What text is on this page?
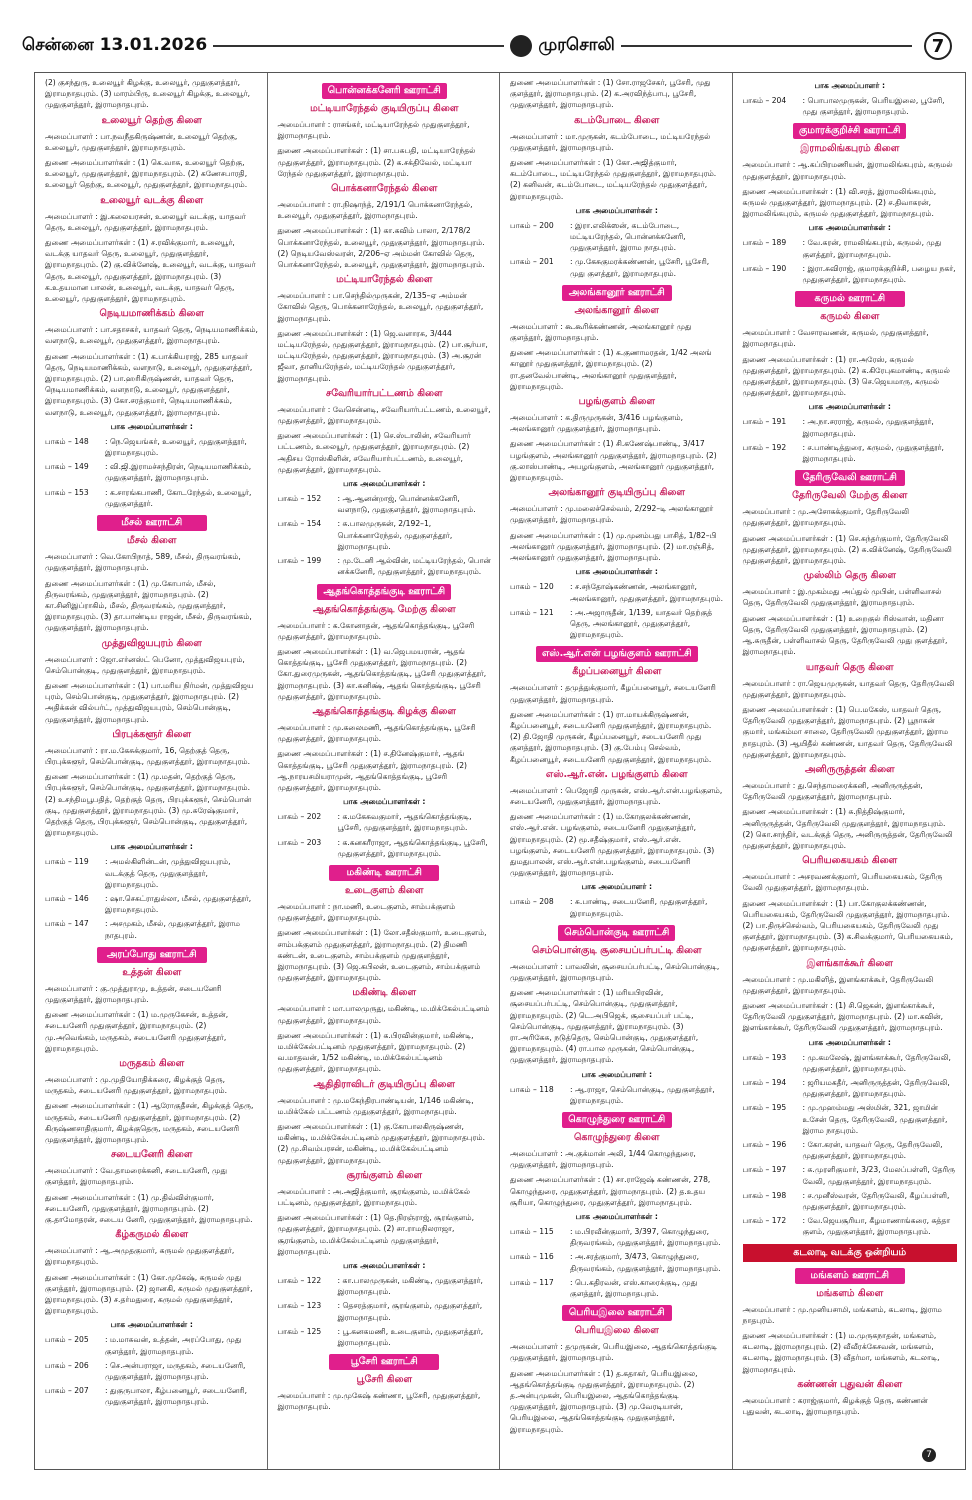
சென்னை 13.01.2026	முரசொலி	7
(2) குசந்துரு, உலையூர் கிழக்கு, உலையூர், முதுகுளத்தூர், இராமநாதபுரம். (3) மாரம்பிரு, உலையூர் கிழக்கு, உலையூர், முதுகுளத்தூர், இராமநாதபுரம்.
உலையூர் தெற்கு கிளை
அமைப்பாளர் : பா.நவநீதகிருஷ்ணன், உலையூர் தெற்கு, உலையூர், முதுகுளத்தூர், இராமநாதபுரம்.
துணை அமைப்பாளர்கள் : (1) கெ.வாசு, உலையூர் தெற்கு, உலையூர், முதுகுளத்தூர், இராமநாதபுரம். (2) கணேசபாரதி, உலையூர் தெற்கு, உலையூர், முதுகுளத்தூர், இராமநாதபுரம்.
உலையூர் வடக்கு கிளை
அமைப்பாளர் : இ.கலையரசன், உலையூர் வடக்கு, யாதவர் தெரு, உலையூர், முதுகுளத்தூர், இராமநாதபுரம்.
துணை அமைப்பாளர்கள் : (1) ச.ரவிக்குமார், உலையூர், வடக்கு யாதவர் தெரு, உலையூர், முதுகுளத்தூர், இராமநாதபுரம். (2) கு.விக்னேஷ், உலையூர், வடக்கு, யாதவர் தெரு, உலையூர், முதுகுளத்தூர், இராமநாதபுரம். (3) க.உதயமான பாலன், உலையூர், வடக்கு, யாதவர் தெரு, உலையூர், முதுகுளத்தூர், இராமநாதபுரம்.
நெடியமாணிக்கம் கிளை
அமைப்பாளர் : பா.சதாசகர், யாதவர் தெரு, நெடியமாணிக்கம், வளநாடு, உலையூர், முதுகுளத்தூர், இராமநாதபுரம்.
துணை அமைப்பாளர்கள் : (1) க.பாக்கியராஜ், 285 யாதவர் தெரு, நெடியமாணிக்கம், வளநாடு, உலையூர், முதுகுளத்தூர், இராமநாதபுரம். (2) பா.ஹரிகிருஷ்ணன், யாதவர் தெரு, நெடியமாணிக்கம், வளநாடு, உலையூர், முதுகுளத்தூர், இராமநாதபுரம். (3) கோ.சரத்குமார், நெடியமாணிக்கம், வளநாடு, உலையூர், முதுகுளத்தூர், இராமநாதபுரம்.
பாக அமைப்பாளர்கள் :
பாகம் – 148	: நெ.ஜெயங்கர், உலையூர், முதுகுளத்தூர், இராமநாதபுரம்.
பாகம் – 149	: வி.ஜி.இராமச்சந்திரன், நெடியமாணிக்கம், முதுகுளத்தூர், இராமநாதபுரம்.
பாகம் – 153	: க.சாரங்கபாணி, கோடரேந்தல், உலையூர், முதுகுளத்தூர்.
மீசல் ஊராட்சி
மீசல் கிளை
அமைப்பாளர் : வெ.கோபிநாத், 589, மீசல், திருவரங்கம், முதுகுளத்தூர், இராமநாதபுரம்.
துணை அமைப்பாளர்கள் : (1) மு.கோபால், மீசல், திருவரங்கம், முதுகுளத்தூர், இராமநாதபுரம். (2) கா.சினிஇப்ராகிம், மீசல், திருவரங்கம், முதுகுளத்தூர், இராமநாதபுரம். (3) தா.பாண்டிய ராஜன், மீசல், திருவரங்கம், முதுகுளத்தூர், இராமநாதபுரம்.
முத்துவிஜயபுரம் கிளை
அமைப்பாளர் : ஜோ.எர்னஸ்ட் பெனோ, முத்துவிஜயபுரம், செம்பொன்குடி, முதுகுளத்தூர், இராமநாதபுரம்.
துணை அமைப்பாளர்கள் : (1) பா.மரிய நிர்மன், முத்துவிஜய புரம், செம்பொன்குடி, முதுகுளத்தூர், இராமநாதபுரம். (2) அதிக்கன் வில்பர்ட், முத்துவிஜயபுரம், செம்பொன்குடி, முதுகுளத்தூர், இராமநாதபுரம்.
பிரபுக்களூர் கிளை
அமைப்பாளர் : ரா.ம.கேசுக்குமார், 16, தெற்குத் தெரு, பிரபுக்களூர், செம்பொன்குடி, முதுகுளத்தூர், இராமநாதபுரம்.
துணை அமைப்பாளர்கள் : (1) மு.மதன், தெற்குத் தெரு, பிரபுக்களூர், செம்பொன்குடி, முதுகுளத்தூர், இராமநாதபுரம். (2) உசந்திமபூபதித், தெற்குத் தெரு, பிரபுக்களூர், செம்பொன் குடி, முதுகுளத்தூர், இராமநாதபுரம். (3) மு.சுரேஷ்குமார், தெற்குத் தெரு, பிரபுக்களூர், செம்பொன்குடி, முதுகுளத்தூர், இராமநாதபுரம்.
பாக அமைப்பாளர்கள் :
பாகம் – 119	: அமல்கிளின்டன், முத்துவிஜயபுரம், வடக்குத் தெரு, முதுகுளத்தூர், இராமநாதபுரம்.
பாகம் – 146	: ஷா.செசுட்ராதுல்லா, மீசல், முதுகுளத்தூர், இராமநாதபுரம்.
பாகம் – 147	: அசமுகம், மீசல், முதுகுளத்தூர், இராம நாதபுரம்.
அரப்போது ஊராட்சி
உத்தன் கிளை
அமைப்பாளர் : கு.முத்துராமு, உத்தன், சடையனேரி முதுகுளத்தூர், இராமநாதபுரம்.
துணை அமைப்பாளர்கள் : (1) ம.முருகேசன், உத்தன், சடையனேரி முதுகுளத்தூர், இராமநாதபுரம். (2) மு.அவெங்கம், மருதகம், சடையனேரி முதுகுளத்தூர், இராமநாதபுரம்.
மருதகம் கிளை
அமைப்பாளர் : மு.முதியோதிக்கரை, கிழக்குத் தெரு, மருதகம், சடையனேரி முதுகுளத்தூர், இராமநாதபுரம்.
துணை அமைப்பாளர்கள் : (1) ஆரோகுதீசன், கிழக்குத் தெரு, மருதகம், சடையனேரி முதுகுளத்தூர், இராமநாதபுரம். (2) கிருஷ்ணசாதிகுமார், கிழக்குதெரு, மருதகம், சடையனேரி முதுகுளத்தூர், இராமநாதபுரம்.
சடையனேரி கிளை
அமைப்பாளர் : வே.தாமரைக்கனி, சடையனேரி, முது குளத்தூர், இராமநாதபுரம்.
துணை அமைப்பாளர்கள் : (1) மு.திவ்விள்குமார், சடையனேரி, முதுகுளத்தூர், இராமநாதபுரம். (2) கு.தாமோதரன், சடைய னேரி, முதுகுளத்தூர், இராமநாதபுரம்.
கீழ்கருமல் கிளை
அமைப்பாளர் : ஆ.அமுதகுமார், கருமல் முதுகுளத்தூர், இராமநாதபுரம்.
துணை அமைப்பாளர்கள் : (1) கோ.முகேஷ், கருமல் முது குளத்தூர், இராமநாதபுரம். (2) ஜானகி, கருமல் முதுகுளத்தூர், இராமநாதபுரம். (3) ச.தர்மதுரை, கருமல் முதுகுளத்தூர், இராமநாதபுரம்.
பாக அமைப்பாளர்கள் :
பாகம் – 205	: ம.மாசுவன், உத்தன், அரப்போது, முது குளத்தூர், இராமநாதபுரம்.
பாகம் – 206	: செ.அன்பராஜா, மருதகம், சடையனேரி, முதுகுளத்தூர், இராமநாதபுரம்.
பாகம் – 207	: துகுருபாலா, கீழ்பனையூர், சடையனேரி, முதுகுளத்தூர், இராமநாதபுரம்.
பொன்னக்கனேரி ஊராட்சி
மட்டியாரேந்தல் குடியிருப்பு கிளை
அமைப்பாளர் : ராசங்கர், மட்டியாரேந்தல் முதுகுளத்தூர், இராமநாதபுரம்.
துணை அமைப்பாளர்கள் : (1) சா.பசுபதி, மட்டியாரேந்தல் முதுகுளத்தூர், இராமநாதபுரம். (2) க.சக்திவேல், மட்டியா ரேந்தல் முதுகுளத்தூர், இராமநாதபுரம்.
பொக்கனாரேந்தல் கிளை
அமைப்பாளர் : ரா.நிஷாந்த், 2/191/1 பொக்கனாரேந்தல், உலையூர், முதுகுளத்தூர், இராமநாதபுரம்.
துணை அமைப்பாளர்கள் : (1) கா.கவிம் பாலா, 2/178/2 பொக்கனாரேந்தல், உலையூர், முதுகுளத்தூர், இராமநாதபுரம். (2) நெடியவேஸ்வரன், 2/206–ஏ அம்மன் கோவில் தெரு, பொக்கனாரேந்தல், உலையூர், முதுகுளத்தூர், இராமநாதபுரம்.
மட்டியாரேந்தல் கிளை
அமைப்பாளர் : பா.செந்தில்முருகன், 2/135–ஏ அம்மன் கோவில் தெரு, பொக்கனாரேந்தல், உலையூர், முதுகுளத்தூர், இராமநாதபுரம்.
துணை அமைப்பாளர்கள் : (1) ஜெ.வளாரசு, 3/444 மட்டியரேந்தல், முதுகுளத்தூர், இராமநாதபுரம். (2) பா.சூர்யா, மட்டியரேந்தல், முதுகுளத்தூர், இராமநாதபுரம். (3) அ.சூரன் ஜீவா, தானியரேந்தல், மட்டியரேந்தல் முதுகுளத்தூர், இராமநாதபுரம்.
சவேரியார்பட்டணம் கிளை
அமைப்பாளர் : வேசென்னடி, சவேரியார்பட்டணம், உலையூர், முதுகுளத்தூர், இராமநாதபுரம்.
துணை அமைப்பாளர்கள் : (1) செ.ஸ்டாலின், சவேரியார் பட்டணம், உலையூர், முதுகுளத்தூர், இராமநாதபுரம். (2) அதிசய ரோஸ்கிளின், சவேரியார்பட்டணம், உலையூர், முதுகுளத்தூர், இராமநாதபுரம்.
பாக அமைப்பாளர்கள் :
பாகம் – 152	: ஆ.ஆனன்றாஜ், பொன்னக்கனேரி, வளநாடு, முதுகுளத்தூர், இராமநாதபுரம்.
பாகம் – 154	: சு.பாலமுருகன், 2/192–1, பொக்கனாரேந்தல், முதுகுளத்தூர், இராமநாதபுரம்.
பாகம் – 199	: மு.டேனி ஆல்வின், மட்டியரேந்தல், பொன் னக்கனேரி, முதுகுளத்தூர், இராமநாதபுரம்.
ஆதங்கொத்தங்குடி ஊராட்சி
ஆதங்கொத்தங்குடி மேற்கு கிளை
அமைப்பாளர் : க.கோனாதன், ஆதங்கொத்தங்குடி, பூசேரி முதுகுளத்தூர், இராமநாதபுரம்.
துணை அமைப்பாளர்கள் : (1) வ.ஜெபமயரான், ஆதங் கொத்தங்குடி, பூசேரி முதுகுளத்தூர், இராமநாதபுரம். (2) கோ.துரைமுருகன், ஆதங்கொத்தங்குடி, பூசேரி முதுகுளத்தூர், இராமநாதபுரம். (3) கா.கனிக்ஷ், ஆதங் கொத்தங்குடி, பூசேரி முதுகுளத்தூர், இராமநாதபுரம்.
ஆதங்கொத்தங்குடி கிழக்கு கிளை
அமைப்பாளர் : மு.கலைமணி, ஆதங்கொத்தங்குடி, பூசேரி முதுகுளத்தூர், இராமநாதபுரம்.
துணை அமைப்பாளர்கள் : (1) ச.தினேஷ்குமார், ஆதங் கொத்தங்குடி, பூசேரி முதுகுளத்தூர், இராமநாதபுரம். (2) ஆ.நாரயசமியராமுன், ஆதங்கொத்தங்குடி, பூசேரி முதுகுளத்தூர், இராமநாதபுரம்.
பாக அமைப்பாளர்கள் :
பாகம் – 202	: க.மகேசுவகுமார், ஆதங்கொத்தங்குடி, பூசேரி, முதுகுளத்தூர், இராமநாதபுரம்.
பாகம் – 203	: க.கனகரீராஜா, ஆதங்கொத்தங்குடி, பூசேரி, முதுகுளத்தூர், இராமநாதபுரம்.
மகிண்டி ஊராட்சி
உடைகுளம் கிளை
அமைப்பாளர் : நா.மணி, உடைகுளம், சாம்பக்குளம் முதுகுளத்தூர், இராமநாதபுரம்.
துணை அமைப்பாளர்கள் : (1) லோ.சதீஸ்குமார், உடைகுளம், சாம்பக்குளம் முதுகுளத்தூர், இராமநாதபுரம். (2) திமணி கண்டன், உடைகுளம், சாம்பக்குளம் முதுகுளத்தூர், இராமநாதபுரம். (3) ஜெ.கபிலன், உடைகுளம், சாம்பக்குளம் முதுகுளத்தூர், இராமநாதபுரம்.
மகிண்டி கிளை
அமைப்பாளர் : மா.பாலமுருது, மகிண்டி, ம.மிக்கேல்பட்டினம் முதுகுளத்தூர், இராமநாதபுரம்.
துணை அமைப்பாளர்கள் : (1) க.பிரவின்குமார், மகிண்டி, ம.மிக்கேல்பட்டினம் முதுகுளத்தூர், இராமநாதபுரம். (2) வ.மாதவன், 1/52 மகிண்டி, ம.மிக்கேல்பட்டினம் முதுகுளத்தூர், இராமநாதபுரம்.
ஆதிதிராவிடர் குடியிருப்பு கிளை
அமைப்பாளர் : மு.மகேந்திரபாண்டியன், 1/146 மகிண்டி, ம.மிக்கேல் பட்டணம் முதுகுளத்தூர், இராமநாதபுரம்.
துணை அமைப்பாளர்கள் : (1) கு.கோபாலகிருஷ்ணன், மகிண்டி, ம.மிக்கேல்பட்டினம் முதுகுளத்தூர், இராமநாதபுரம். (2) மு.சிவம்பரசன், மகிண்டி, ம.மிக்கேல்பட்டினம் முதுகுளத்தூர், இராமநாதபுரம்.
சூரங்குளம் கிளை
அமைப்பாளர் : அ.அஜித்குமார், சூரங்குளம், ம.மிக்கேல் பட்டினம், முதுகுளத்தூர், இராமநாதபுரம்.
துணை அமைப்பாளர்கள் : (1) தெ.நிரஞ்ராஜ், சூரங்குளம், முதுகுளத்தூர், இராமநாதபுரம். (2) சா.ராமநிலராஜா, சூரங்குளம், ம.மிக்கேல்பட்டினம் முதுகுளத்தூர், இராமநாதபுரம்.
பாக அமைப்பாளர்கள் :
பாகம் – 122	: கா.பாலமுருகன், மகிண்டி, முதுகுளத்தூர், இராமநாதபுரம்.
பாகம் – 123	: தெசரத்குமார், சூரங்குளம், முதுகுளத்தூர், இராமநாதபுரம்.
பாகம் – 125	: பூ.கனகமணி, உடைகுளம், முதுகுளத்தூர், இராமநாதபுரம்.
பூசேரி ஊராட்சி
பூசேரி கிளை
அமைப்பாளர் : மு.முகேஷ் கண்ணா, பூசேரி, முதுகுளத்தூர், இராமநாதபுரம்.
துணை அமைப்பாளர்கள் : (1) சோ.ராஜசேகர், பூசேரி, முது குளத்தூர், இராமநாதபுரம். (2) க.அரவிந்த்பாபு, பூசேரி, முதுகுளத்தூர், இராமநாதபுரம்.
கடம்போடை கிளை
அமைப்பாளர் : மா.முருகன், கடம்போடை, மட்டியரேந்தல் முதுகுளத்தூர், இராமநாதபுரம்.
துணை அமைப்பாளர்கள் : (1) கோ.அஜித்குமார், கடம்போடை, மட்டியரேந்தல் முதுகுளத்தூர், இராமநாதபுரம். (2) கனிவன், கடம்போடை, மட்டியரேந்தல் முதுகுளத்தூர், இராமநாதபுரம்.
பாக அமைப்பாளர்கள் :
பாகம் – 200	: இரா.எலிக்ஸன், கடம்போடை, மட்டியரேந்தல், பொன்னக்கனேரி, முதுகுளத்தூர், இராம நாதபுரம்.
பாகம் – 201	: மு.கேசுகுமரக்கண்ணன், பூசேரி, பூசேரி, முது குளத்தூர், இராமநாதபுரம்.
அலங்கானூர் ஊராட்சி
அலங்கானூர் கிளை
அமைப்பாளர் : கூ.கூரிக்கண்ணன், அலங்கானூர் முது குளத்தூர், இராமநாதபுரம்.
துணை அமைப்பாளர்கள் : (1) க.குணாமரதன், 1/42 அலங் கானூர் முதுகுளத்தூர், இராமநாதபுரம். (2) ரா.தனவேல்பாண்டி, அலங்கானூர் முதுகுளத்தூர், இராமநாதபுரம்.
பழங்குளம் கிளை
அமைப்பாளர் : க.திருமுருகன், 3/416 பழங்குளம், அலங்கானூர் முதுகுளத்தூர், இராமநாதபுரம்.
துணை அமைப்பாளர்கள் : (1) சி.கணேஷ்பாண்டி, 3/417 பழங்குளம், அலங்கானூர் முதுகுளத்தூர், இராமநாதபுரம். (2) கு.லாஸ்பாண்டி, அபழங்குளம், அலங்கானூர் முதுகுளத்தூர், இராமநாதபுரம்.
அலங்கானூர் குடியிருப்பு கிளை
அமைப்பாளர் : மு.மலைச்செல்வம், 2/292–டி அலங்கானூர் முதுகுளத்தூர், இராமநாதபுரம்.
துணை அமைப்பாளர்கள் : (1) மு.முனம்பது பாசித், 1/82–பி அலங்கானூர் முதுகுளத்தூர், இராமநாதபுரம். (2) மா.ரஞ்சித், அலங்கானூர் முதுகுளத்தூர், இராமநாதபுரம்.
பாக அமைப்பாளர்கள் :
பாகம் – 120	: ச.சந்தோஷ்கண்ணன், அலங்கானூர், அலங்கானூர், முதுகுளத்தூர், இராமநாதபுரம்.
பாகம் – 121	: அ.அஜாருதீன், 1/139, யாதவர் தெற்குத் தெரு, அலங்கானூர், முதுகுளத்தூர், இராமநாதபுரம்.
எஸ்.ஆர்.என் பழங்குளம் ஊராட்சி
கீழப்பனையூர் கிளை
அமைப்பாளர் : தமுத்துக்குமார், கீழப்பனையூர், சடையனேரி முதுகுளத்தூர், இராமநாதபுரம்.
துணை அமைப்பாளர்கள் : (1) ரா.மாயக்கிருஷ்ணன், கீழப்பனையூர், சடையனேரி முதுகுளத்தூர், இராமநாதபுரம். (2) தி.ஜோதி முருகன், கீழப்பனையூர், சடையனேரி முது குளத்தூர், இராமநாதபுரம். (3) கு.பேம்பு செல்வம், கீழப்பனையூர், சடையனேரி முதுகுளத்தூர், இராமநாதபுரம்.
எஸ்.ஆர்.என். பழங்குளம் கிளை
அமைப்பாளர் : பெஜோதி முருகன், எஸ்.ஆர்.என்.பழங்குளம், சடையனேரி, முதுகுளத்தூர், இராமநாதபுரம்.
துணை அமைப்பாளர்கள் : (1) ம.கோகுலக்கண்ணன், எஸ்.ஆர்.என். பழங்குளம், சடையனேரி முதுகுளத்தூர், இராமநாதபுரம். (2) மூ.சதீஷ்குமார், எஸ்.ஆர்.என். பழங்குளம், சடையனேரி முதுகுளத்தூர், இராமநாதபுரம். (3) துமதுபாலன், எஸ்.ஆர்.என்.பழங்குளம், சடையனேரி முதுகுளத்தூர், இராமநாதபுரம்.
பாக அமைப்பாளர் :
பாகம் – 208	: சு.பாண்டி, சடையனேரி, முதுகுளத்தூர், இராமநாதபுரம்.
செம்பொன்குடி ஊராட்சி
செம்பொன்குடி சூசையப்பர்பட்டி கிளை
அமைப்பாளர் : பாவலின், சூசையப்பர்பட்டி, செம்பொன்குடி, முதுகுளத்தூர், இராமநாதபுரம்.
துணை அமைப்பாளர்கள் : (1) மரியபிரவின், சூசையப்பர்பட்டி, செம்பொன்குடி, முதுகுளத்தூர், இராமநாதபுரம். (2) டெ.அபிஜெக், சூசையப்பர் பட்டி, செம்பொன்குடி, முதுகுளத்தூர், இராமநாதபுரம். (3) ரா.அரிகேசு, நடுத்தெரு, செம்பொன்குடி, முதுகுளத்தூர், இராமநாதபுரம். (4) ரா.பால முருகன், செம்பொன்குடி, முதுகுளத்தூர், இராமநாதபுரம்.
பாக அமைப்பாளர் :
பாகம் – 118	: ஆ.ராஜா, செம்பொன்குடி, முதுகுளத்தூர், இராமநாதபுரம்.
கொழுந்துரை ஊராட்சி
கொழுந்துரை கிளை
அமைப்பாளர் : அ.குக்மான் அலி, 1/44 கொழுந்துரை, முதுகுளத்தூர், இராமநாதபுரம்.
துணை அமைப்பாளர்கள் : (1) சா.ராஜேஷ் கண்ணன், 278, கொழுந்துரை, முதுகுளத்தூர், இராமநாதபுரம். (2) த.உதய சூரியா, கொழுந்துரை, முதுகுளத்தூர், இராமநாதபுரம்.
பாக அமைப்பாளர்கள் :
பாகம் – 115	: ம.பிரவீன்குமார், 3/397, கொழுந்துரை, திருவரங்கம், முதுகுளத்தூர், இராமநாதபுரம்.
பாகம் – 116	: அ.சரத்குமார், 3/473, கொழுந்துரை, திருவரங்கம், முதுகுளத்தூர், இராமநாதபுரம்.
பாகம் – 117	: பெ.கதிரவன், எஸ்.காரைக்குடி, முது குளத்தூர், இராமநாதபுரம்.
பெரியஇலை ஊராட்சி
பெரியஇலை கிளை
அமைப்பாளர் : தமுருகன், பெரியஇலை, ஆதங்கொத்தங்குடி முதுகுளத்தூர், இராமநாதபுரம்.
துணை அமைப்பாளர்கள் : (1) த.கதாகர், பெரியஇலை, ஆதங்கொத்தங்குடி முதுகுளத்தூர், இராமநாதபுரம். (2) த.அன்புமுகன், பெரியஇலை, ஆதங்கொத்தங்குடி முதுகுளத்தூர், இராமநாதபுரம். (3) மு.வேரடியான், பெரியஇலை, ஆதங்கொத்தங்குடி முதுகுளத்தூர், இராமநாதபுரம்.
பாக அமைப்பாளர் :
பாகம் – 204	: பொபாலமுருகன், பெரியஇலை, பூசேரி, முது குளத்தூர், இராமநாதபுரம்.
குமாரக்குறிச்சி ஊராட்சி
இராமலிங்கபுரம் கிளை
அமைப்பாளர் : ஆ.கப்பிரமணியன், இராமலிங்கபுரம், கருமல் முதுகுளத்தூர், இராமநாதபுரம்.
துணை அமைப்பாளர்கள் : (1) வி.சரத், இராமலிங்கபுரம், கருமல் முதுகுளத்தூர், இராமநாதபுரம். (2) ச.திவாகரன், இராமலிங்கபுரம், கருமல் முதுகுளத்தூர், இராமநாதபுரம்.
பாக அமைப்பாளர்கள் :
பாகம் – 189	: வே.கரன், ராமலிங்கபுரம், கருமல், முது குளத்தூர், இராமநாதபுரம்.
பாகம் – 190	: இரா.சுவிராஜ், குமாரக்குறிச்சி, பழைய நகர், முதுகுளத்தூர், இராமநாதபுரம்.
கருமல் ஊராட்சி
கருமல் கிளை
அமைப்பாளர் : வேசாரவணன், கருமல், முதுகுளத்தூர், இராமநாதபுரம்.
துணை அமைப்பாளர்கள் : (1) ரா.அரேஸ், கருமல் முதுகுளத்தூர், இராமநாதபுரம். (2) க.கிரேபுகமாண்டி, கருமல் முதுகுளத்தூர், இராமநாதபுரம். (3) செ.ஜெயமாரு, கருமல் முதுகுளத்தூர், இராமநாதபுரம்.
பாக அமைப்பாளர்கள் :
பாகம் – 191	: அ.நா.சரராஜ், கருமல், முதுகுளத்தூர், இராமநாதபுரம்.
பாகம் – 192	: ச.பாண்டித்துரை, கருமல், முதுகுளத்தூர், இராமநாதபுரம்.
தேரிருவேலி ஊராட்சி
தேரிருவேலி மேற்கு கிளை
அமைப்பாளர் : மு.அசோகக்குமார், தேரிருவேலி முதுகுளத்தூர், இராமநாதபுரம்.
துணை அமைப்பாளர்கள் : (1) செ.சுந்தர்குமார், தேரிருவேலி முதுகுளத்தூர், இராமநாதபுரம். (2) சு.விக்னேஷ், தேரிருவேலி முதுகுளத்தூர், இராமநாதபுரம்.
முஸ்லிம் தெரு கிளை
அமைப்பாளர் : இ.முகம்மது அப்துல் முபின், பள்ளிவாசல் தெரு, தேரிருவேலி முதுகுளத்தூர், இராமநாதபுரம்.
துணை அமைப்பாளர்கள் : (1) உறைகுல் ரிஸ்வான், மதினா தெரு, தேரிருவேலி முதுகுளத்தூர், இராமநாதபுரம். (2) ஆ.சுருதீன், பள்ளிவாசல் தெரு, தேரிருவேலி முது குளத்தூர், இராமநாதபுரம்.
யாதவர் தெரு கிளை
அமைப்பாளர் : ரா.ஜெயமுருகன், யாதவர் தெரு, தேரிருவேலி முதுகுளத்தூர், இராமநாதபுரம்.
துணை அமைப்பாளர்கள் : (1) பெ.மகேஸ், யாதவர் தெரு, தேரிருவேலி முதுகுளத்தூர், இராமநாதபுரம். (2) பூநாகன் குமார், மங்கம்மா சாலை, தேரிருவேலி முதுகுளத்தூர், இராம நாதபுரம். (3) ஆயிதீல் கண்ணன், யாதவர் தெரு, தேரிருவேலி முதுகுளத்தூர், இராமநாதபுரம்.
அனிருருத்தன் கிளை
அமைப்பாளர் : து.செந்தாமரைக்கனி, அனிருருத்தன், தேரிருவேலி முதுகுளத்தூர், இராமநாதபுரம்.
துணை அமைப்பாளர்கள் : (1) சு.நித்திஷ்குமார், அனிருருத்தன், தேரிருவேலி முதுகுளத்தூர், இராமநாதபுரம். (2) கொ.சாந்திர், வடக்குத் தெரு, அனிருருத்தன், தேரிருவேலி முதுகுளத்தூர், இராமநாதபுரம்.
பெரியகையகம் கிளை
அமைப்பாளர் : அசரவணக்குமார், பெரியகையகம், தேரிரு வேலி முதுகுளத்தூர், இராமநாதபுரம்.
துணை அமைப்பாளர்கள் : (1) பா.கோகுலக்கண்ணன், பெரியகையகம், தேரிருவேலி முதுகுளத்தூர், இராமநாதபுரம். (2) பா.திருச்செல்வம், பெரியகையகம், தேரிருவேலி முது குளத்தூர், இராமநாதபுரம். (3) க.சிவக்குமார், பெரியகையகம், முதுகுளத்தூர், இராமநாதபுரம்.
இளங்காக்கூர் கிளை
அமைப்பாளர் : மு.மகிளித், இளங்காக்கூர், தேரிருவேலி முதுகுளத்தூர், இராமநாதபுரம்.
துணை அமைப்பாளர்கள் : (1) சி.ஜெகன், இளங்காக்கூர், தேரிருவேலி முதுகுளத்தூர், இராமநாதபுரம். (2) மா.கவின், இளங்காக்கூர், தேரிருவேலி முதுகுளத்தூர், இராமநாதபுரம்.
பாக அமைப்பாளர்கள் :
பாகம் – 193	: மு.கமலேஷ், இளங்காக்கூர், தேரிருவேலி, முதுகுளத்தூர், இராமநாதபுரம்.
பாகம் – 194	: ஜரியமகதீர், அனிருருத்தன், தேரிருவேலி, முதுகுளத்தூர், இராமநாதபுரம்.
பாகம் – 195	: மு.முஹம்மது அஸ்மின், 321, ஜாமின் உசேன் தெரு, தேரிருவேலி, முதுகுளத்தூர், இராம நாதபுரம்.
பாகம் – 196	: கோ.கரன், யாதவர் தெரு, தேரிருவேலி, முதுகுளத்தூர், இராமநாதபுரம்.
பாகம் – 197	: சு.முரளிகுமார், 3/23, மேலப்பள்ளி, தேரிரு வேலி, முதுகுளத்தூர், இராமநாதபுரம்.
பாகம் – 198	: ச.முனீஸ்வரன், தேரிருவேலி, கீழப்பள்ளி, முதுகுளத்தூர், இராமநாதபுரம்.
பாகம் – 172	: வே.ஜெயசூரியா, கீழமாணாங்கரை, சுத்தா குளம், முதுகுளத்தூர், இராமநாதபுரம்.
கடலாடி வடக்கு ஒன்றியம்
மங்களம் ஊராட்சி
மங்களம் கிளை
அமைப்பாளர் : மு.முனியசாமி, மங்களம், கடலாடி, இராம நாதபுரம்.
துணை அமைப்பாளர்கள் : (1) ம.முருகநாதன், மங்களம், கடலாடி, இராமநாதபுரம். (2) வீவீரக்கேசவன், மங்களம், கடலாடி, இராமநாதபுரம். (3) வீதர்மா, மங்களம், கடலாடி, இராமநாதபுரம்.
கண்ணன் புதுவன் கிளை
அமைப்பாளர் : கராஜ்குமார், கிழக்குத் தெரு, கண்ணன் புதுவன், கடலாடி, இராமநாதபுரம்.
7
